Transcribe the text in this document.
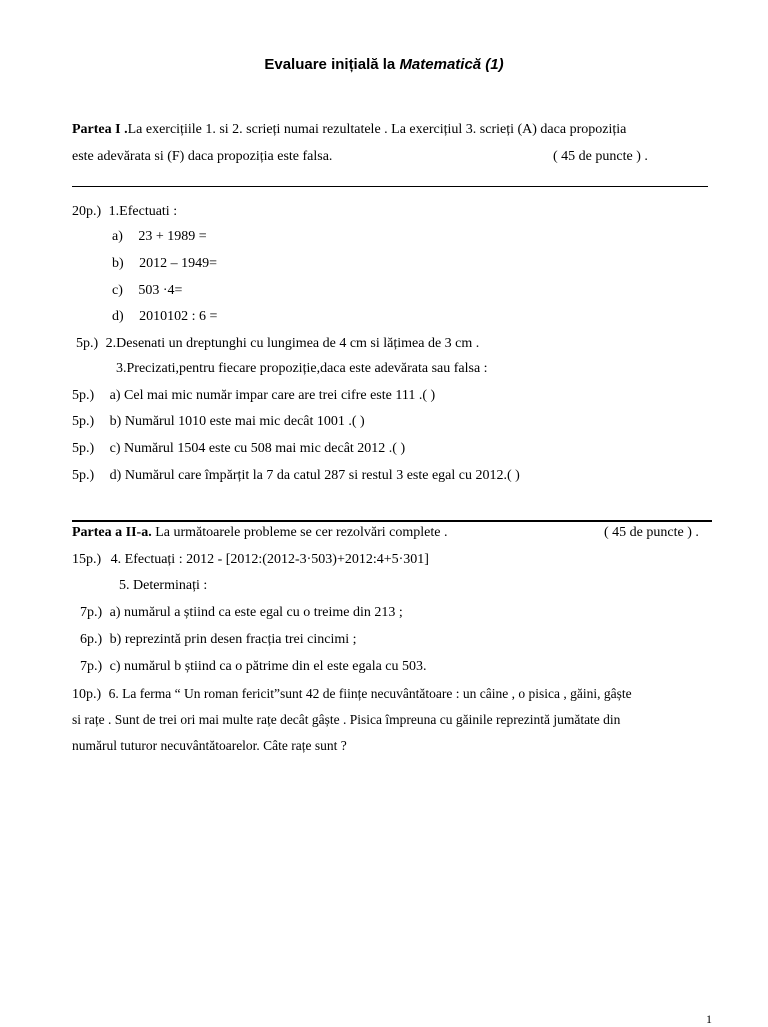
Evaluare inițială la Matematică (1)
Partea I .La exercițiile 1. si 2. scrieți numai rezultatele . La exercițiul 3. scrieți (A) daca propoziția
este adevărata si (F) daca propoziția este falsa.	( 45 de puncte ) .
20p.) 1.Efectuati :
a) 23 + 1989 =
b) 2012 – 1949=
c) 503 ·4=
d) 2010102 : 6 =
5p.) 2.Desenati un dreptunghi cu lungimea de 4 cm si lățimea de 3 cm .
3.Precizati,pentru fiecare propoziție,daca este adevărata sau falsa :
5p.) a) Cel mai mic număr impar care are trei cifre este 111 .( )
5p.) b) Numărul 1010 este mai mic decât 1001 .( )
5p.) c) Numărul 1504 este cu 508 mai mic decât 2012 .( )
5p.) d) Numărul care împărțit la 7 da catul 287 si restul 3 este egal cu 2012.( )
Partea a II-a. La următoarele probleme se cer rezolvări complete .	( 45 de puncte ) .
15p.) 4. Efectuați : 2012 - [2012:(2012-3·503)+2012:4+5·301]
5. Determinați :
7p.) a) numărul a știind ca este egal cu o treime din 213 ;
6p.) b) reprezintă prin desen fracția trei cincimi ;
7p.) c) numărul b știind ca o pătrime din el este egala cu 503.
10p.) 6. La ferma “ Un roman fericit”sunt 42 de ființe necuvântătoare : un câine , o pisica , găini, gâște
si rațe . Sunt de trei ori mai multe rațe decât gâște . Pisica împreuna cu găinile reprezintă jumătate din
numărul tuturor necuvântătoarelor. Câte rațe sunt ?
1
